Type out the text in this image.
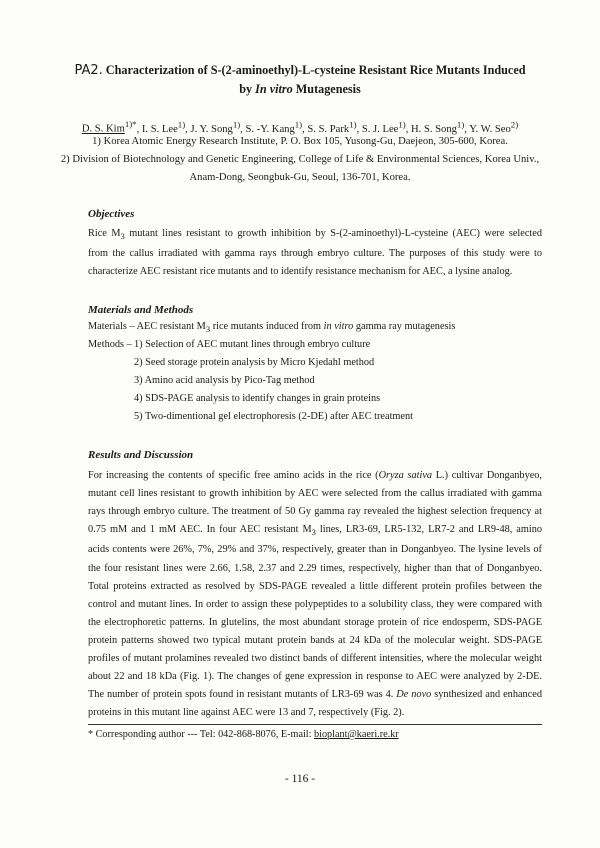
PA2. Characterization of S-(2-aminoethyl)-L-cysteine Resistant Rice Mutants Induced
by In vitro Mutagenesis
D. S. Kim$^{1)*}$, I. S. Lee$^{1)}$, J. Y. Song$^{1)}$, S. -Y. Kang$^{1)}$, S. S. Park$^{1)}$, S. J. Lee$^{1)}$, H. S. Song$^{1)}$, Y. W. Seo$^{2)}$
1) Korea Atomic Energy Research Institute, P. O. Box 105, Yusong-Gu, Daejeon, 305-600, Korea.
2) Division of Biotechnology and Genetic Engineering, College of Life & Environmental Sciences, Korea Univ.,
Anam-Dong, Seongbuk-Gu, Seoul, 136-701, Korea.
Objectives
Rice $M_3$ mutant lines resistant to growth inhibition by S-(2-aminoethyl)-L-cysteine (AEC) were selected from the callus irradiated with gamma rays through embryo culture. The purposes of this study were to characterize AEC resistant rice mutants and to identify resistance mechanism for AEC, a lysine analog.
Materials and Methods
Materials – AEC resistant $M_3$ rice mutants induced from in vitro gamma ray mutagenesis
Methods – 1) Selection of AEC mutant lines through embryo culture
2) Seed storage protein analysis by Micro Kjedahl method
3) Amino acid analysis by Pico-Tag method
4) SDS-PAGE analysis to identify changes in grain proteins
5) Two-dimentional gel electrophoresis (2-DE) after AEC treatment
Results and Discussion
For increasing the contents of specific free amino acids in the rice (Oryza sativa L.) cultivar Donganbyeo, mutant cell lines resistant to growth inhibition by AEC were selected from the callus irradiated with gamma rays through embryo culture. The treatment of 50 Gy gamma ray revealed the highest selection frequency at 0.75 mM and 1 mM AEC. In four AEC resistant $M_3$ lines, LR3-69, LR5-132, LR7-2 and LR9-48, amino acids contents were 26%, 7%, 29% and 37%, respectively, greater than in Donganbyeo. The lysine levels of the four resistant lines were 2.66, 1.58, 2.37 and 2.29 times, respectively, higher than that of Donganbyeo. Total proteins extracted as resolved by SDS-PAGE revealed a little different protein profiles between the control and mutant lines. In order to assign these polypeptides to a solubility class, they were compared with the electrophoretic patterns. In glutelins, the most abundant storage protein of rice endosperm, SDS-PAGE protein patterns showed two typical mutant protein bands at 24 kDa of the molecular weight. SDS-PAGE profiles of mutant prolamines revealed two distinct bands of different intensities, where the molecular weight about 22 and 18 kDa (Fig. 1). The changes of gene expression in response to AEC were analyzed by 2-DE. The number of protein spots found in resistant mutants of LR3-69 was 4. De novo synthesized and enhanced proteins in this mutant line against AEC were 13 and 7, respectively (Fig. 2).
* Corresponding author --- Tel: 042-868-8076, E-mail: bioplant@kaeri.re.kr
- 116 -
